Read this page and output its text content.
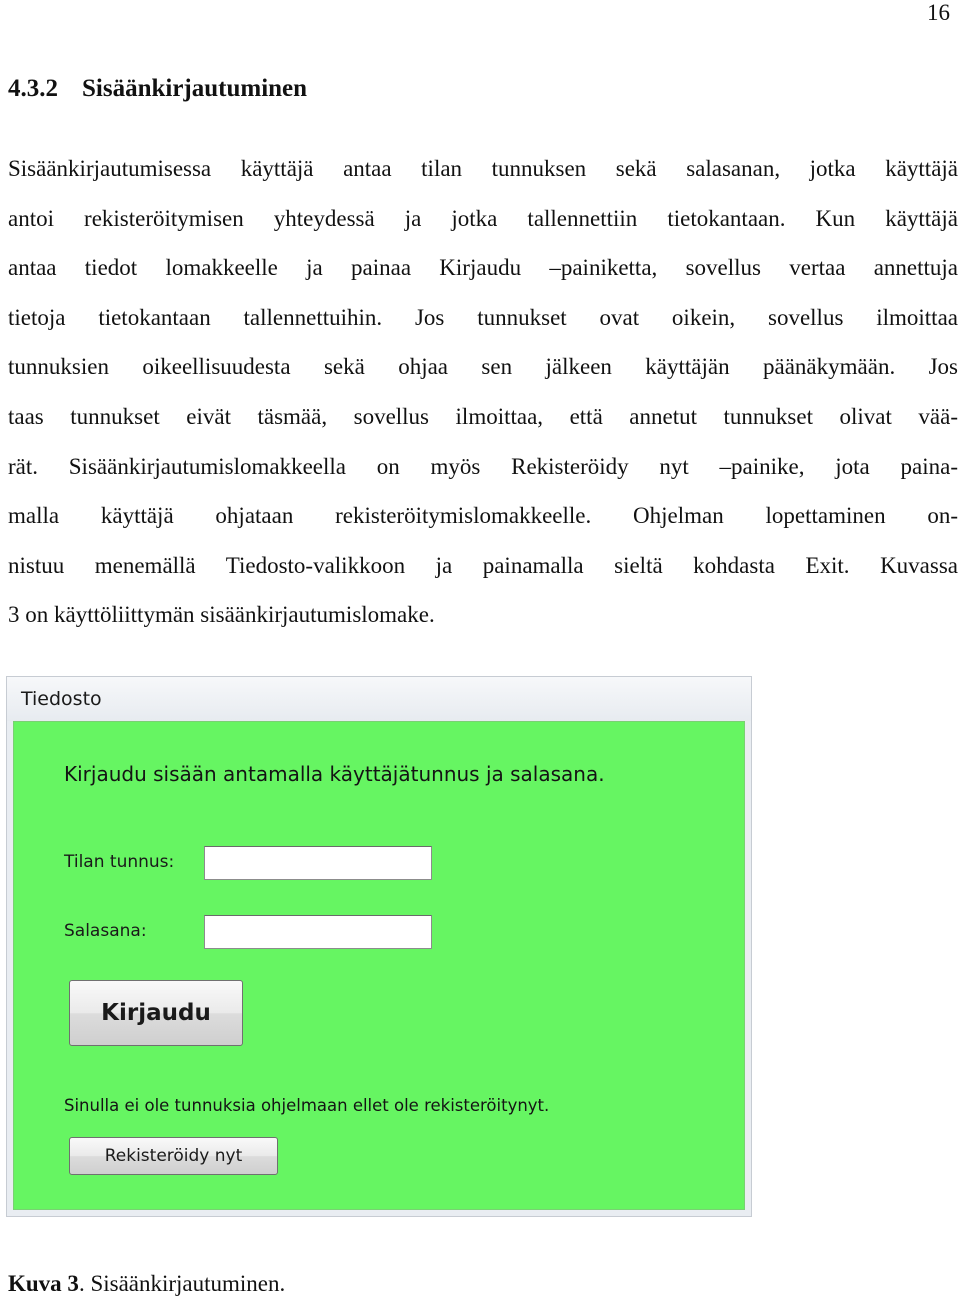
16
4.3.2 Sisäänkirjautuminen
Sisäänkirjautumisessa käyttäjä antaa tilan tunnuksen sekä salasanan, jotka käyttäjä
antoi rekisteröitymisen yhteydessä ja jotka tallennettiin tietokantaan. Kun käyttäjä
antaa tiedot lomakkeelle ja painaa Kirjaudu –painiketta, sovellus vertaa annettuja
tietoja tietokantaan tallennettuihin. Jos tunnukset ovat oikein, sovellus ilmoittaa
tunnuksien oikeellisuudesta sekä ohjaa sen jälkeen käyttäjän päänäkymään. Jos
taas tunnukset eivät täsmää, sovellus ilmoittaa, että annetut tunnukset olivat vää-
rät. Sisäänkirjautumislomakkeella on myös Rekisteröidy nyt –painike, jota paina-
malla käyttäjä ohjataan rekisteröitymislomakkeelle. Ohjelman lopettaminen on-
nistuu menemällä Tiedosto-valikkoon ja painamalla sieltä kohdasta Exit. Kuvassa
3 on käyttöliittymän sisäänkirjautumislomake.
Tiedosto
Kirjaudu sisään antamalla käyttäjätunnus ja salasana.
Tilan tunnus:
Salasana:
Kirjaudu
Sinulla ei ole tunnuksia ohjelmaan ellet ole rekisteröitynyt.
Rekisteröidy nyt
Kuva 3. Sisäänkirjautuminen.
